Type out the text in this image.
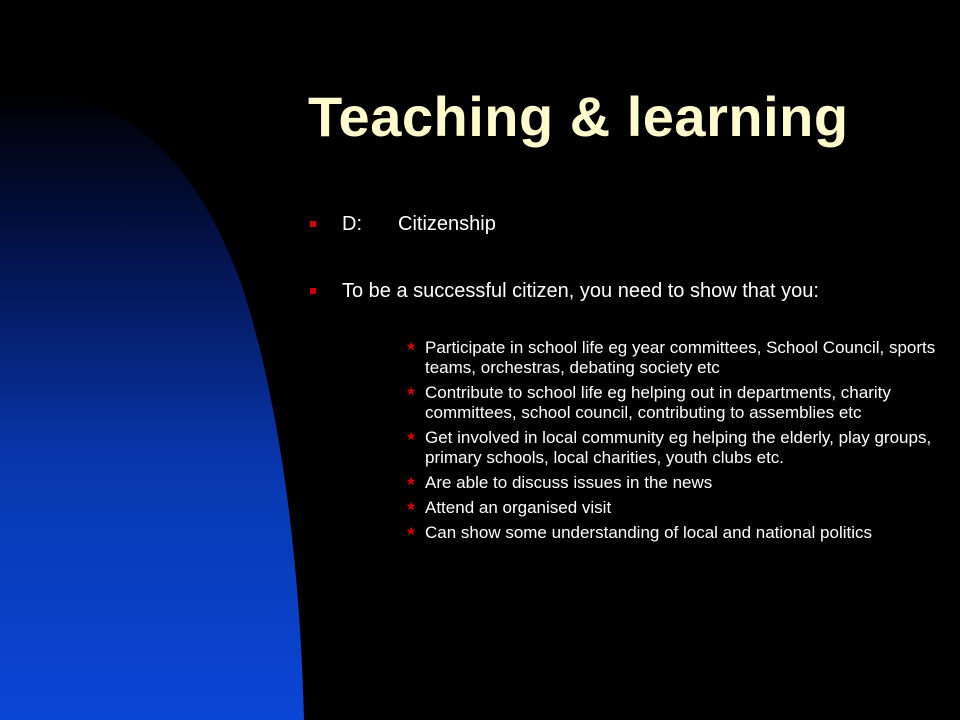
Teaching & learning
D: Citizenship
To be a successful citizen, you need to show that you:
Participate in school life eg year committees, School Council, sports teams, orchestras, debating society etc
Contribute to school life eg helping out in departments, charity committees, school council, contributing to assemblies etc
Get involved in local community eg helping the elderly, play groups, primary schools, local charities, youth clubs etc.
Are able to discuss issues in the news
Attend an organised visit
Can show some understanding of local and national politics
